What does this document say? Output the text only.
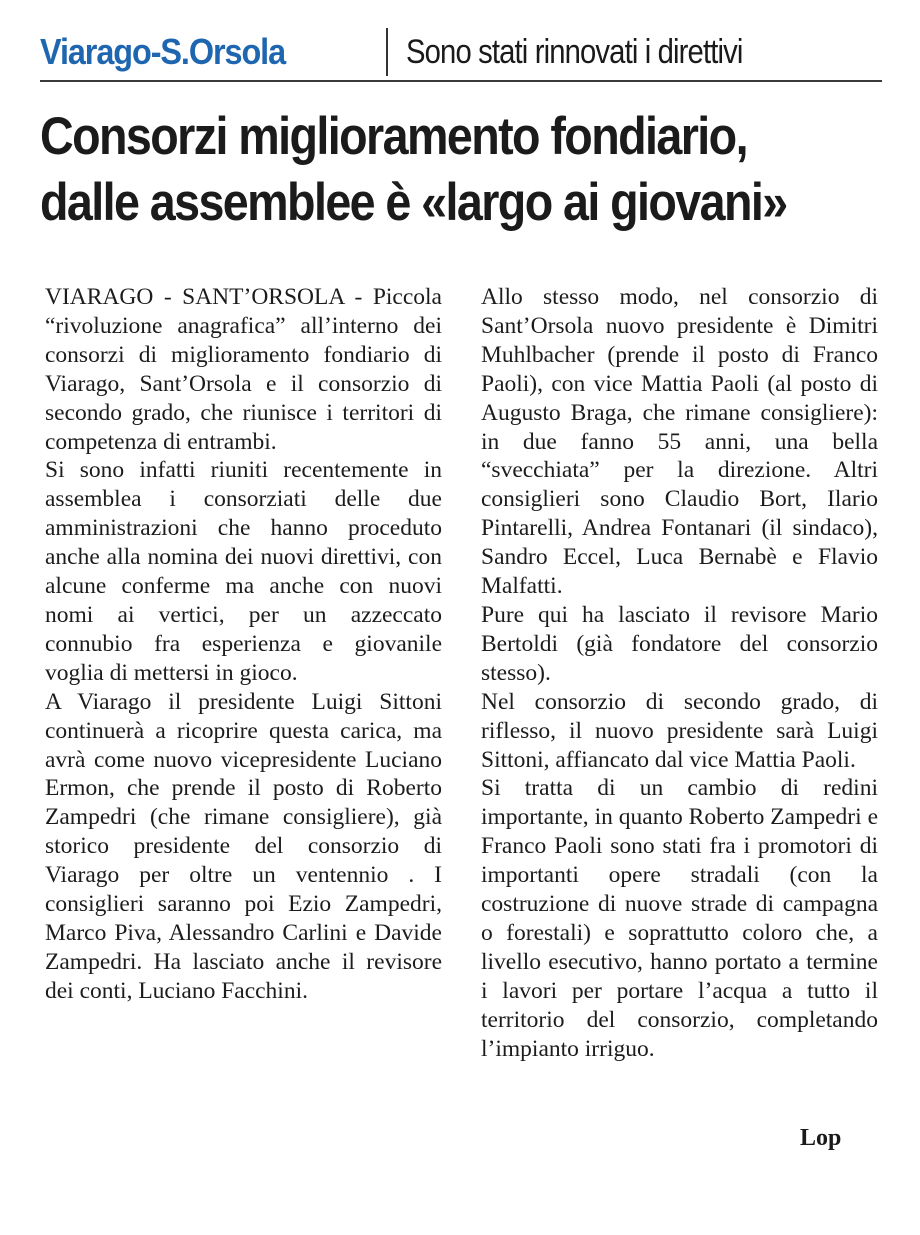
Viarago-S.Orsola	Sono stati rinnovati i direttivi
Consorzi miglioramento fondiario,
dalle assemblee è «largo ai giovani»

VIARAGO - SANT’ORSOLA - Piccola “rivoluzione anagrafica” all’interno dei consorzi di miglioramento fondiario di Viarago, Sant’Orsola e il consorzio di secondo grado, che riunisce i territori di competenza di entrambi.

Si sono infatti riuniti recentemente in assemblea i consorziati delle due amministrazioni che hanno proceduto anche alla nomina dei nuovi direttivi, con alcune conferme ma anche con nuovi nomi ai vertici, per un azzeccato connubio fra esperienza e giovanile voglia di mettersi in gioco.

A Viarago il presidente Luigi Sittoni continuerà a ricoprire questa carica, ma avrà come nuovo vicepresidente Luciano Ermon, che prende il posto di Roberto Zampedri (che rimane consigliere), già storico presidente del consorzio di Viarago per oltre un ventennio . I consiglieri saranno poi Ezio Zampedri, Marco Piva, Alessandro Carlini e Davide Zampedri. Ha lasciato anche il revisore dei conti, Luciano Facchini.

Allo stesso modo, nel consorzio di Sant’Orsola nuovo presidente è Dimitri Muhlbacher (prende il posto di Franco Paoli), con vice Mattia Paoli (al posto di Augusto Braga, che rimane consigliere): in due fanno 55 anni, una bella “svecchiata” per la direzione. Altri consiglieri sono Claudio Bort, Ilario Pintarelli, Andrea Fontanari (il sindaco), Sandro Eccel, Luca Bernabè e Flavio Malfatti.

Pure qui ha lasciato il revisore Mario Bertoldi (già fondatore del consorzio stesso).

Nel consorzio di secondo grado, di riflesso, il nuovo presidente sarà Luigi Sittoni, affiancato dal vice Mattia Paoli.

Si tratta di un cambio di redini importante, in quanto Roberto Zampedri e Franco Paoli sono stati fra i promotori di importanti opere stradali (con la costruzione di nuove strade di campagna o forestali) e soprattutto coloro che, a livello esecutivo, hanno portato a termine i lavori per portare l’acqua a tutto il territorio del consorzio, completando l’impianto irriguo.

Lop
